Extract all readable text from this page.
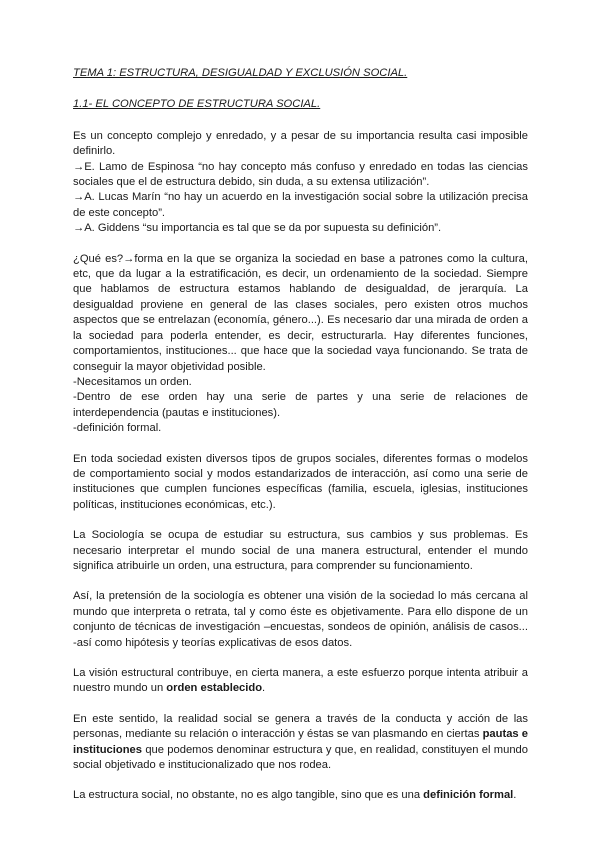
TEMA 1: ESTRUCTURA, DESIGUALDAD Y EXCLUSIÓN SOCIAL.
1.1- EL CONCEPTO DE ESTRUCTURA SOCIAL.

Es un concepto complejo y enredado, y a pesar de su importancia resulta casi imposible definirlo.

→E. Lamo de Espinosa “no hay concepto más confuso y enredado en todas las ciencias sociales que el de estructura debido, sin duda, a su extensa utilización”.

→A. Lucas Marín “no hay un acuerdo en la investigación social sobre la utilización precisa de este concepto”.

→A. Giddens “su importancia es tal que se da por supuesta su definición”.

¿Qué es?→forma en la que se organiza la sociedad en base a patrones como la cultura, etc, que da lugar a la estratificación, es decir, un ordenamiento de la sociedad. Siempre que hablamos de estructura estamos hablando de desigualdad, de jerarquía. La desigualdad proviene en general de las clases sociales, pero existen otros muchos aspectos que se entrelazan (economía, género...). Es necesario dar una mirada de orden a la sociedad para poderla entender, es decir, estructurarla. Hay diferentes funciones, comportamientos, instituciones... que hace que la sociedad vaya funcionando. Se trata de conseguir la mayor objetividad posible.

-Necesitamos un orden.

-Dentro de ese orden hay una serie de partes y una serie de relaciones de interdependencia (pautas e instituciones).

-definición formal.

En toda sociedad existen diversos tipos de grupos sociales, diferentes formas o modelos de comportamiento social y modos estandarizados de interacción, así como una serie de instituciones que cumplen funciones específicas (familia, escuela, iglesias, instituciones políticas, instituciones económicas, etc.).

La Sociología se ocupa de estudiar su estructura, sus cambios y sus problemas. Es necesario interpretar el mundo social de una manera estructural, entender el mundo significa atribuirle un orden, una estructura, para comprender su funcionamiento.

Así, la pretensión de la sociología es obtener una visión de la sociedad lo más cercana al mundo que interpreta o retrata, tal y como éste es objetivamente. Para ello dispone de un conjunto de técnicas de investigación –encuestas, sondeos de opinión, análisis de casos... -así como hipótesis y teorías explicativas de esos datos.

La visión estructural contribuye, en cierta manera, a este esfuerzo porque intenta atribuir a nuestro mundo un orden establecido.

En este sentido, la realidad social se genera a través de la conducta y acción de las personas, mediante su relación o interacción y éstas se van plasmando en ciertas pautas e instituciones que podemos denominar estructura y que, en realidad, constituyen el mundo social objetivado e institucionalizado que nos rodea.

La estructura social, no obstante, no es algo tangible, sino que es una definición formal.
